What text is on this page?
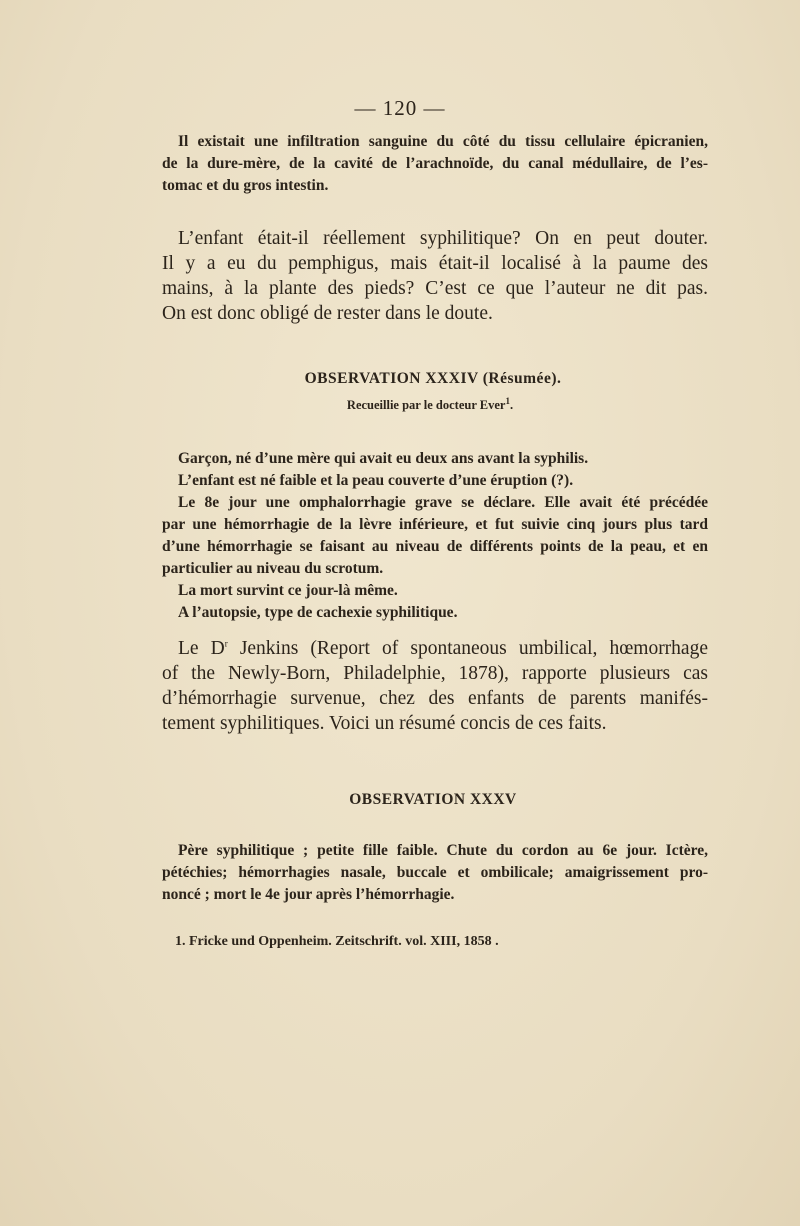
— 120 —
Il existait une infiltration sanguine du côté du tissu cellulaire épicranien,
de la dure-mère, de la cavité de l’arachnoïde, du canal médullaire, de l’es-
tomac et du gros intestin.
L’enfant était-il réellement syphilitique? On en peut douter.
Il y a eu du pemphigus, mais était-il localisé à la paume des
mains, à la plante des pieds? C’est ce que l’auteur ne dit pas.
On est donc obligé de rester dans le doute.
OBSERVATION XXXIV (Résumée).
Recueillie par le docteur Ever$^1$.
Garçon, né d’une mère qui avait eu deux ans avant la syphilis.
L’enfant est né faible et la peau couverte d’une éruption (?).
Le 8e jour une omphalorrhagie grave se déclare. Elle avait été précédée
par une hémorrhagie de la lèvre inférieure, et fut suivie cinq jours plus tard
d’une hémorrhagie se faisant au niveau de différents points de la peau, et en
particulier au niveau du scrotum.
La mort survint ce jour-là même.
A l’autopsie, type de cachexie syphilitique.
Le $D^r$ Jenkins (Report of spontaneous umbilical, hœmorrhage
of the Newly-Born, Philadelphie, 1878), rapporte plusieurs cas
d’hémorrhagie survenue, chez des enfants de parents manifés-
tement syphilitiques. Voici un résumé concis de ces faits.
OBSERVATION XXXV
Père syphilitique ; petite fille faible. Chute du cordon au 6e jour. Ictère,
pétéchies; hémorrhagies nasale, buccale et ombilicale; amaigrissement pro-
noncé ; mort le 4e jour après l’hémorrhagie.
1. Fricke und Oppenheim. Zeitschrift. vol. XIII, 1858 .
